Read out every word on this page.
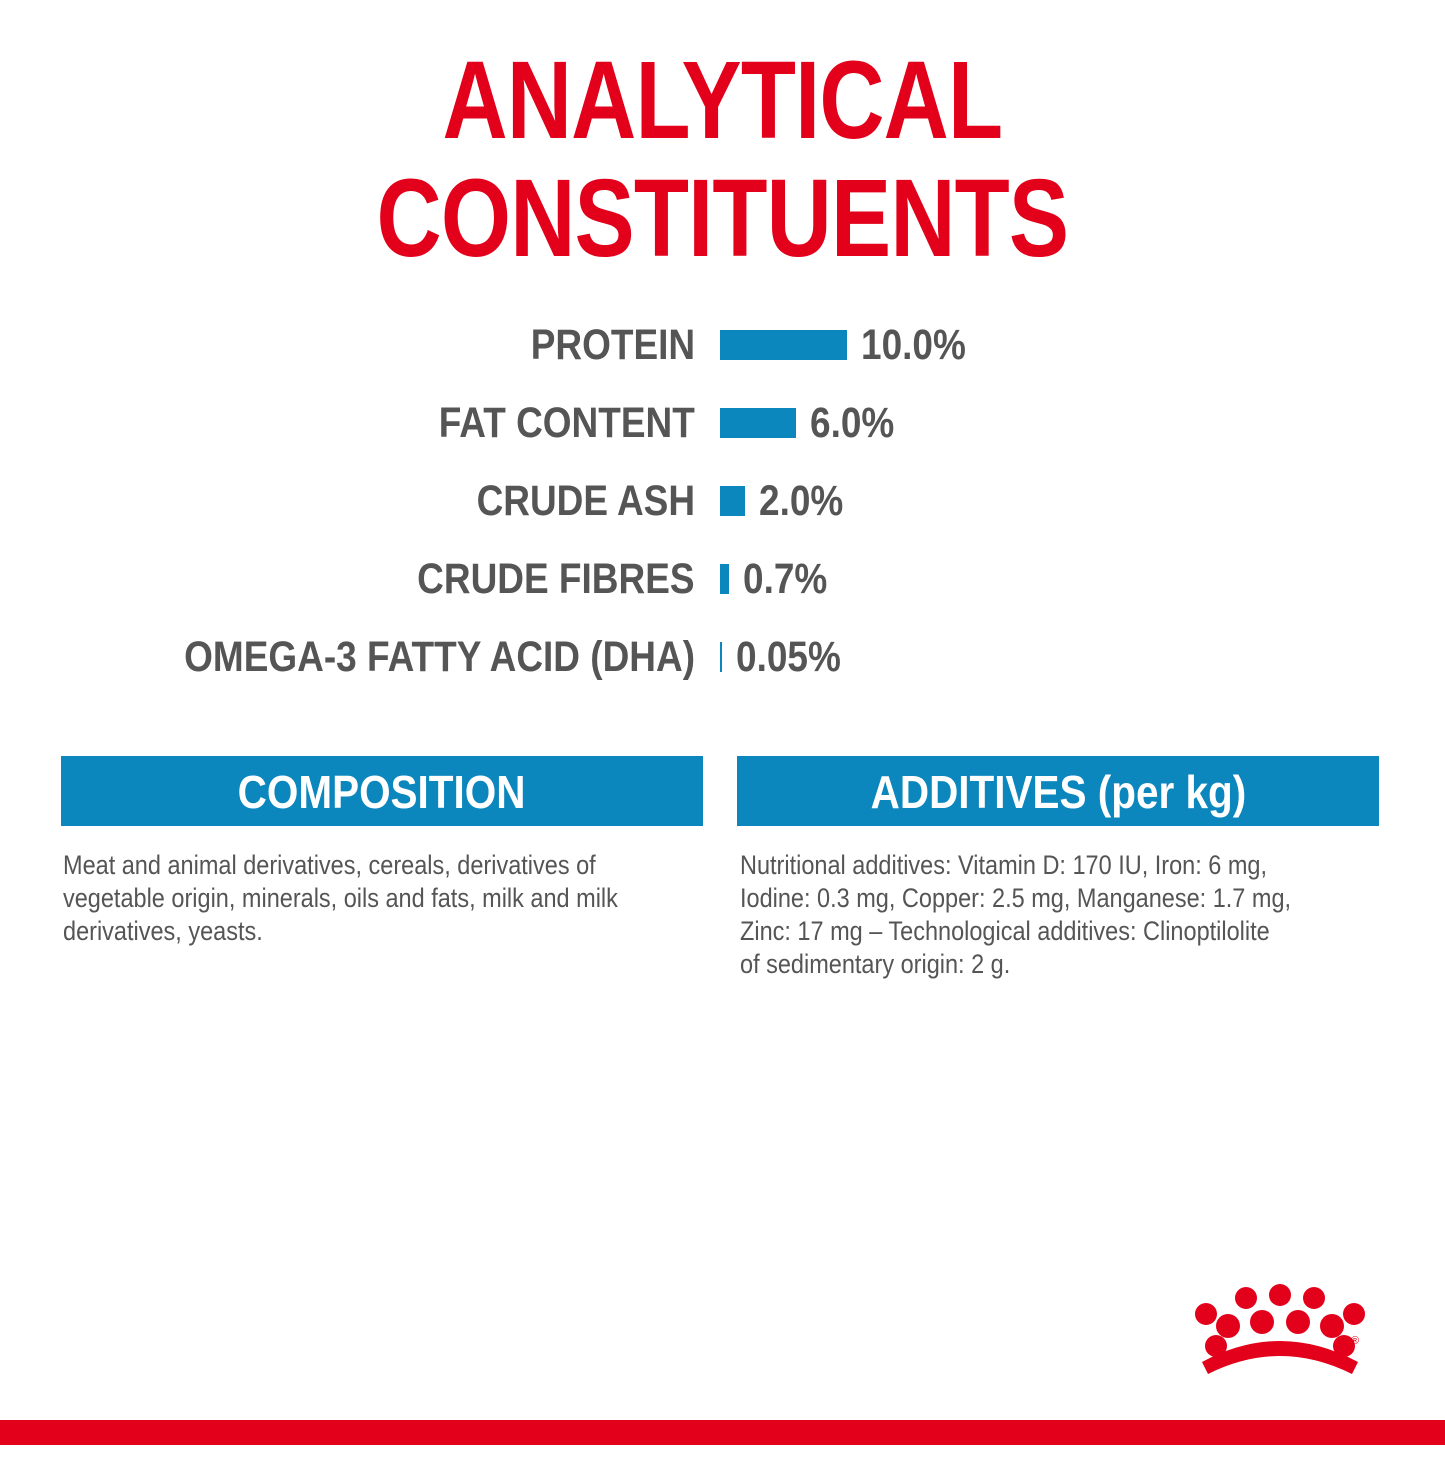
ANALYTICAL
CONSTITUENTS
PROTEIN	10.0%
FAT CONTENT	6.0%
CRUDE ASH 2.0%
CRUDE FIBRES 0.7%
OMEGA-3 FATTY ACID (DHA) 0.05%
COMPOSITION
Meat and animal derivatives, cereals, derivatives of
vegetable origin, minerals, oils and fats, milk and milk
derivatives, yeasts.
ADDITIVES (per kg)
Nutritional additives: Vitamin D: 170 IU, Iron: 6 mg,
Iodine: 0.3 mg, Copper: 2.5 mg, Manganese: 1.7 mg,
Zinc: 17 mg – Technological additives: Clinoptilolite
of sedimentary origin: 2 g.
®
